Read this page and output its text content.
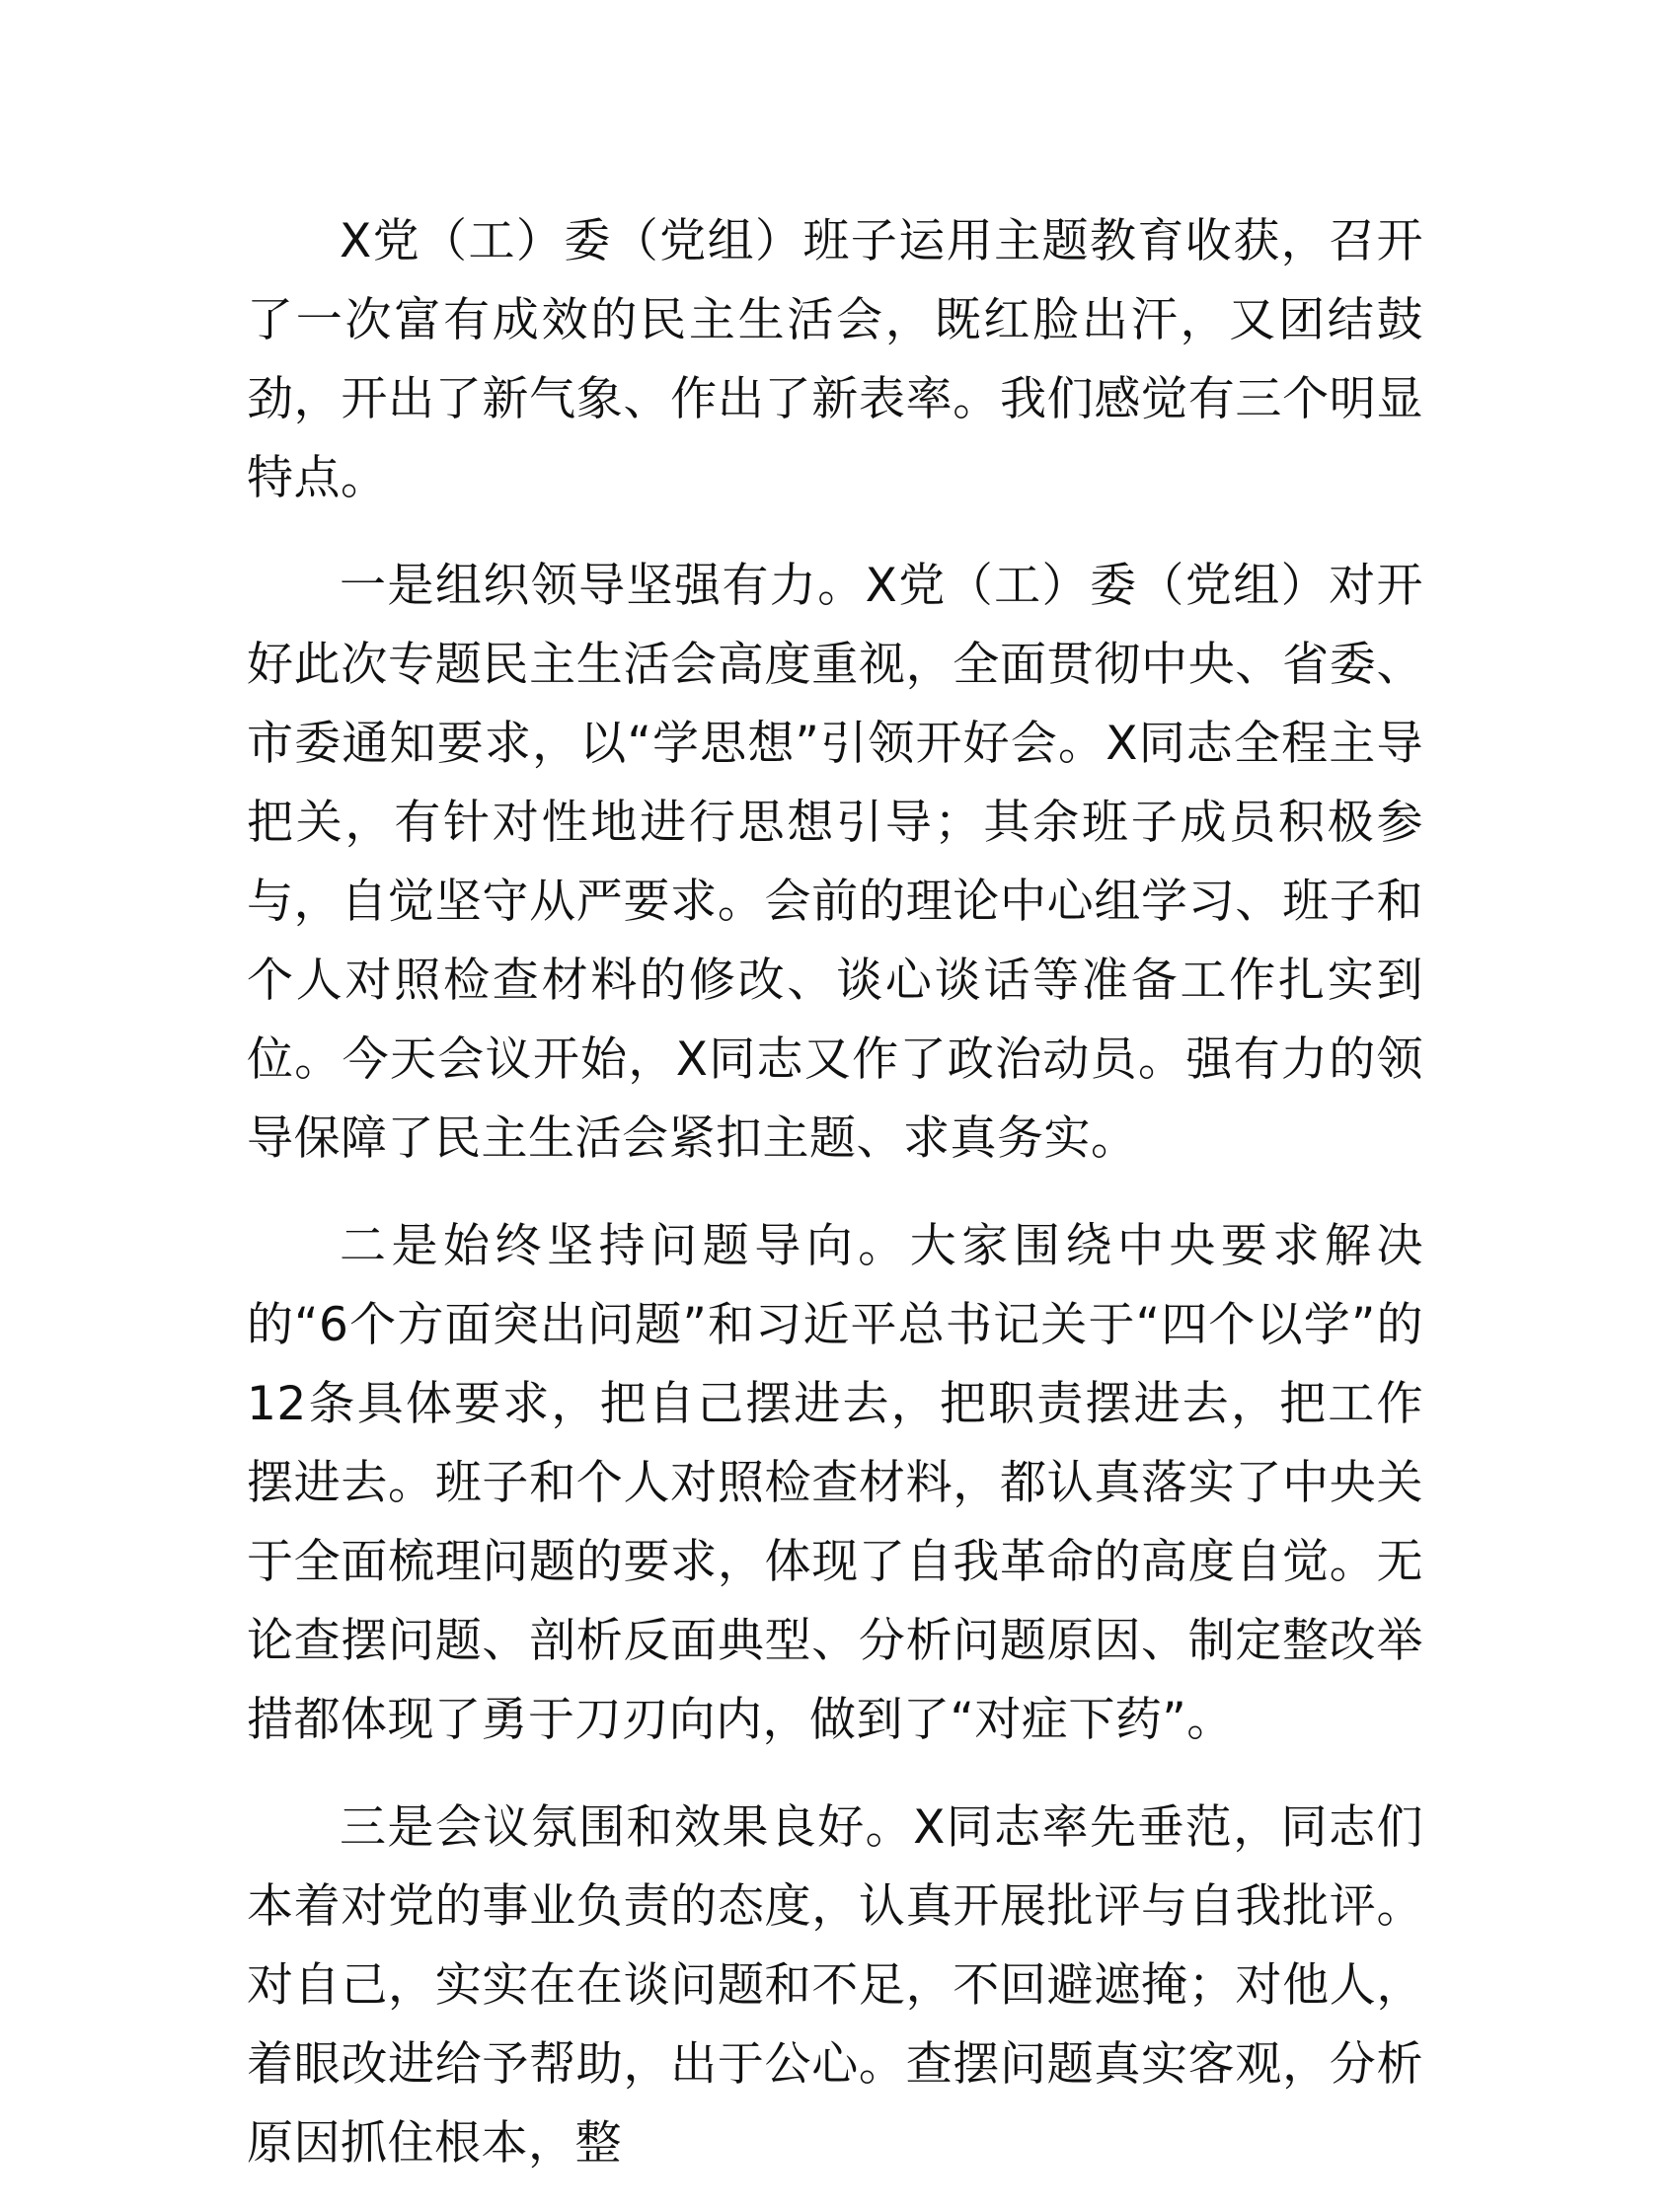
X党（工）委（党组）班子运用主题教育收获，召开了一次富有成效的民主生活会，既红脸出汗，又团结鼓劲，开出了新气象、作出了新表率。我们感觉有三个明显特点。

一是组织领导坚强有力。X党（工）委（党组）对开好此次专题民主生活会高度重视，全面贯彻中央、省委、市委通知要求，以“学思想”引领开好会。X同志全程主导把关，有针对性地进行思想引导；其余班子成员积极参与，自觉坚守从严要求。会前的理论中心组学习、班子和个人对照检查材料的修改、谈心谈话等准备工作扎实到位。今天会议开始，X同志又作了政治动员。强有力的领导保障了民主生活会紧扣主题、求真务实。

二是始终坚持问题导向。大家围绕中央要求解决的“6个方面突出问题”和习近平总书记关于“四个以学”的12条具体要求，把自己摆进去，把职责摆进去，把工作摆进去。班子和个人对照检查材料，都认真落实了中央关于全面梳理问题的要求，体现了自我革命的高度自觉。无论查摆问题、剖析反面典型、分析问题原因、制定整改举措都体现了勇于刀刃向内，做到了“对症下药”。

三是会议氛围和效果良好。X同志率先垂范，同志们本着对党的事业负责的态度，认真开展批评与自我批评。对自己，实实在在谈问题和不足，不回避遮掩；对他人，着眼改进给予帮助，出于公心。查摆问题真实客观，分析原因抓住根本，整
